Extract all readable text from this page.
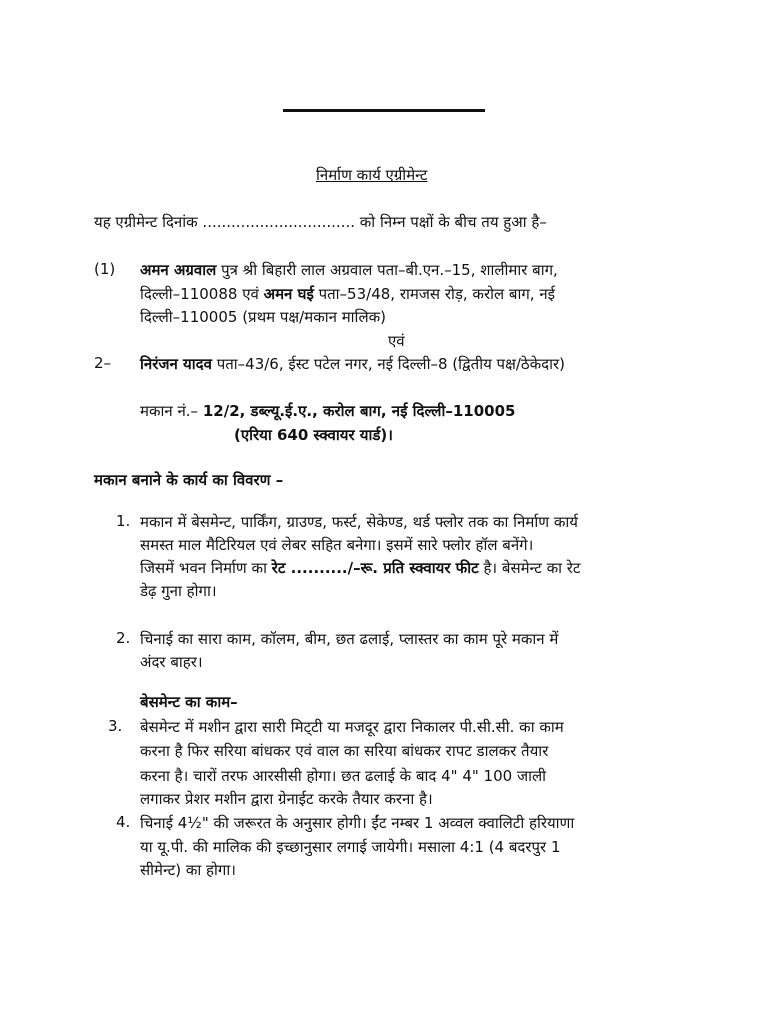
निर्माण कार्य एग्रीमेन्ट
यह एग्रीमेन्ट दिनांक ................................ को निम्न पक्षों के बीच तय हुआ है–
(1) अमन अग्रवाल पुत्र श्री बिहारी लाल अग्रवाल पता–बी.एन.–15, शालीमार बाग,
दिल्ली–110088 एवं अमन घई पता–53/48, रामजस रोड़, करोल बाग, नई
दिल्ली–110005 (प्रथम पक्ष/मकान मालिक)
एवं
2– निरंजन यादव पता–43/6, ईस्ट पटेल नगर, नई दिल्ली–8 (द्वितीय पक्ष/ठेकेदार)
मकान नं.– 12/2, डब्ल्यू.ई.ए., करोल बाग, नई दिल्ली–110005
(एरिया 640 स्क्वायर यार्ड)।
मकान बनाने के कार्य का विवरण –
1. मकान में बेसमेन्ट, पार्किंग, ग्राउण्ड, फर्स्ट, सेकेण्ड, थर्ड फ्लोर तक का निर्माण कार्य
समस्त माल मैटिरियल एवं लेबर सहित बनेगा। इसमें सारे फ्लोर हॉल बनेंगे।
जिसमें भवन निर्माण का रेट ........../–रू. प्रति स्क्वायर फीट है। बेसमेन्ट का रेट
डेढ़ गुना होगा।
2. चिनाई का सारा काम, कॉलम, बीम, छत ढलाई, प्लास्तर का काम पूरे मकान में
अंदर बाहर।
बेसमेन्ट का काम–
3. बेसमेन्ट में मशीन द्वारा सारी मिट्‌टी या मजदूर द्वारा निकालर पी.सी.सी. का काम
करना है फिर सरिया बांधकर एवं वाल का सरिया बांधकर रापट डालकर तैयार
करना है। चारों तरफ आरसीसी होगा। छत ढलाई के बाद 4" 4" 100 जाली
लगाकर प्रेशर मशीन द्वारा ग्रेनाईट करके तैयार करना है।
4. चिनाई 4½" की जरूरत के अनुसार होगी। ईंट नम्बर 1 अव्वल क्वालिटी हरियाणा
या यू.पी. की मालिक की इच्छानुसार लगाई जायेगी। मसाला 4:1 (4 बदरपुर 1
सीमेन्ट) का होगा।
